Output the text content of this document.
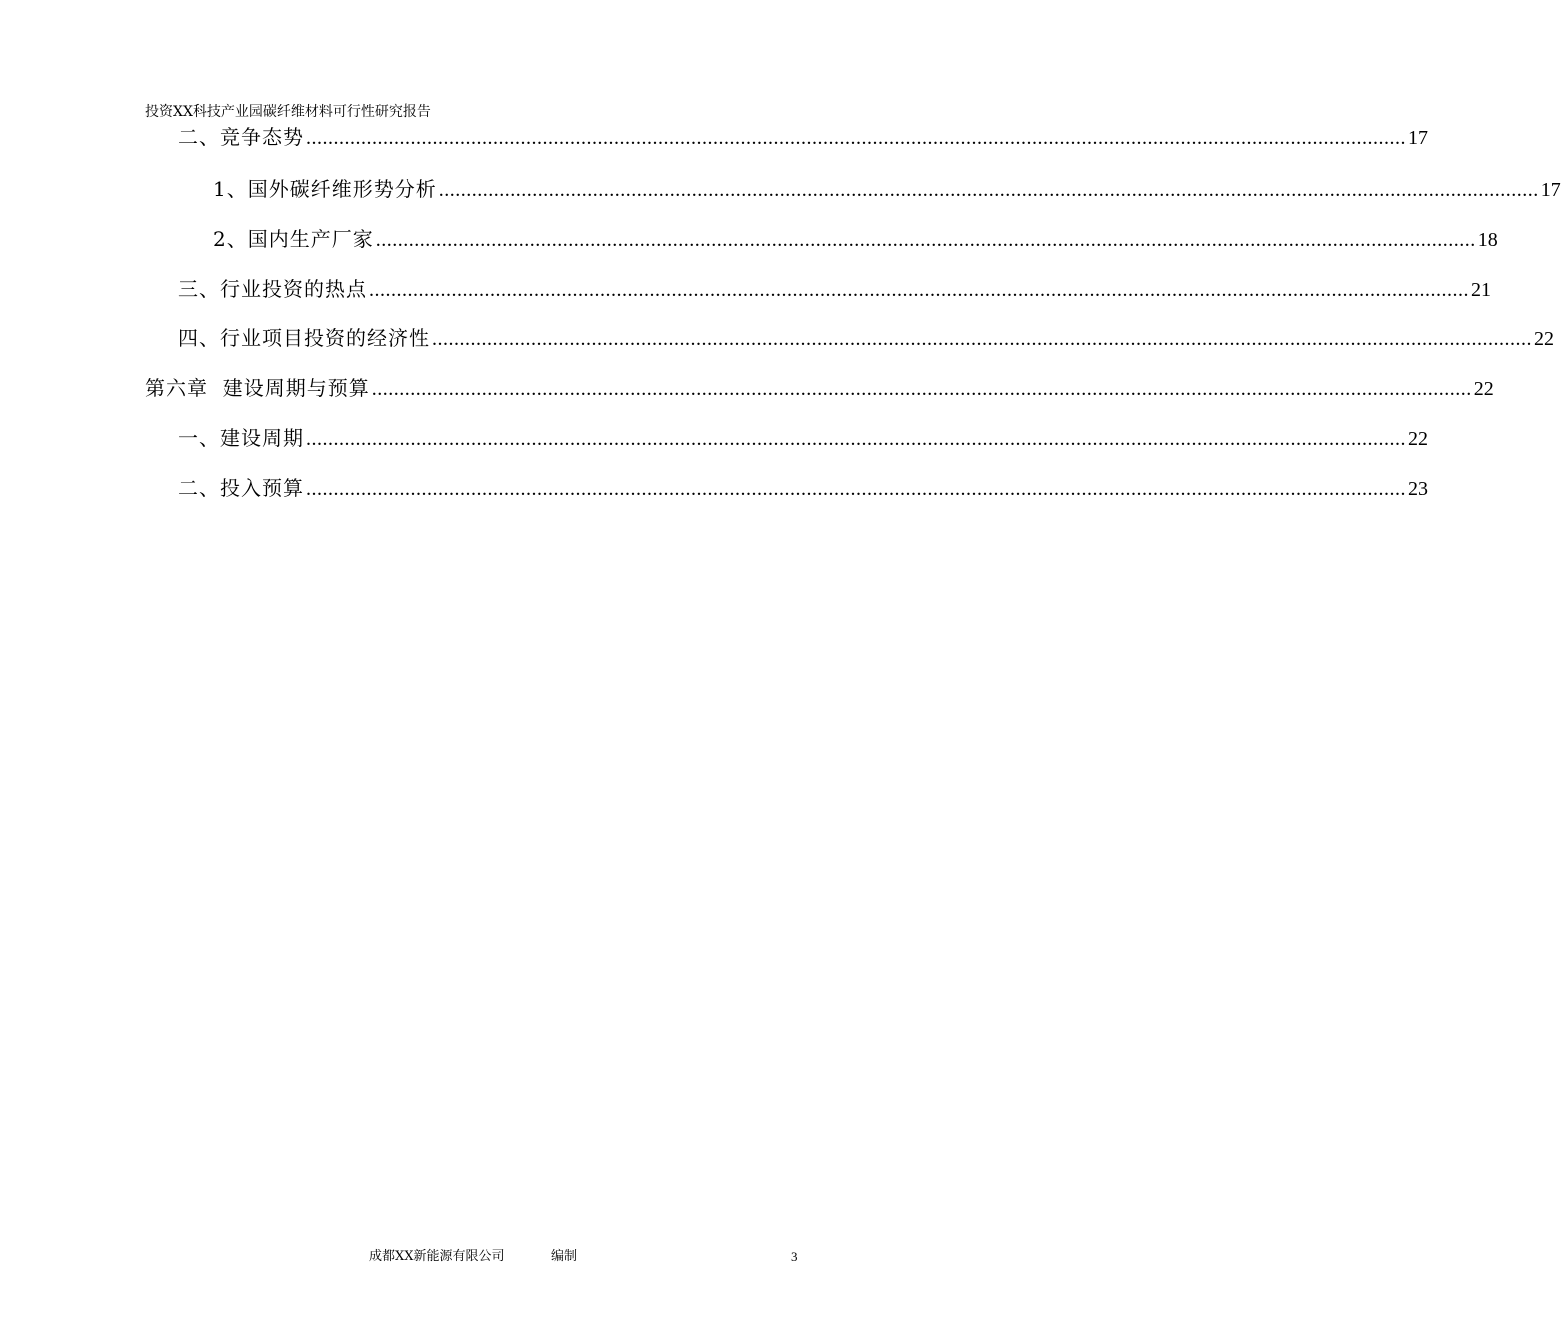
投资XX科技产业园碳纤维材料可行性研究报告
二、竞争态势 ........................................................................................................................................................................................................ 17
1、国外碳纤维形势分析 ........................................................................................................................................................................................................ 17
2、国内生产厂家 ........................................................................................................................................................................................................ 18
三、行业投资的热点 ........................................................................................................................................................................................................ 21
四、行业项目投资的经济性 ........................................................................................................................................................................................................ 22
第六章  建设周期与预算 ........................................................................................................................................................................................................ 22
一、建设周期 ........................................................................................................................................................................................................ 22
二、投入预算 ........................................................................................................................................................................................................ 23
成都XX新能源有限公司	编制	3
